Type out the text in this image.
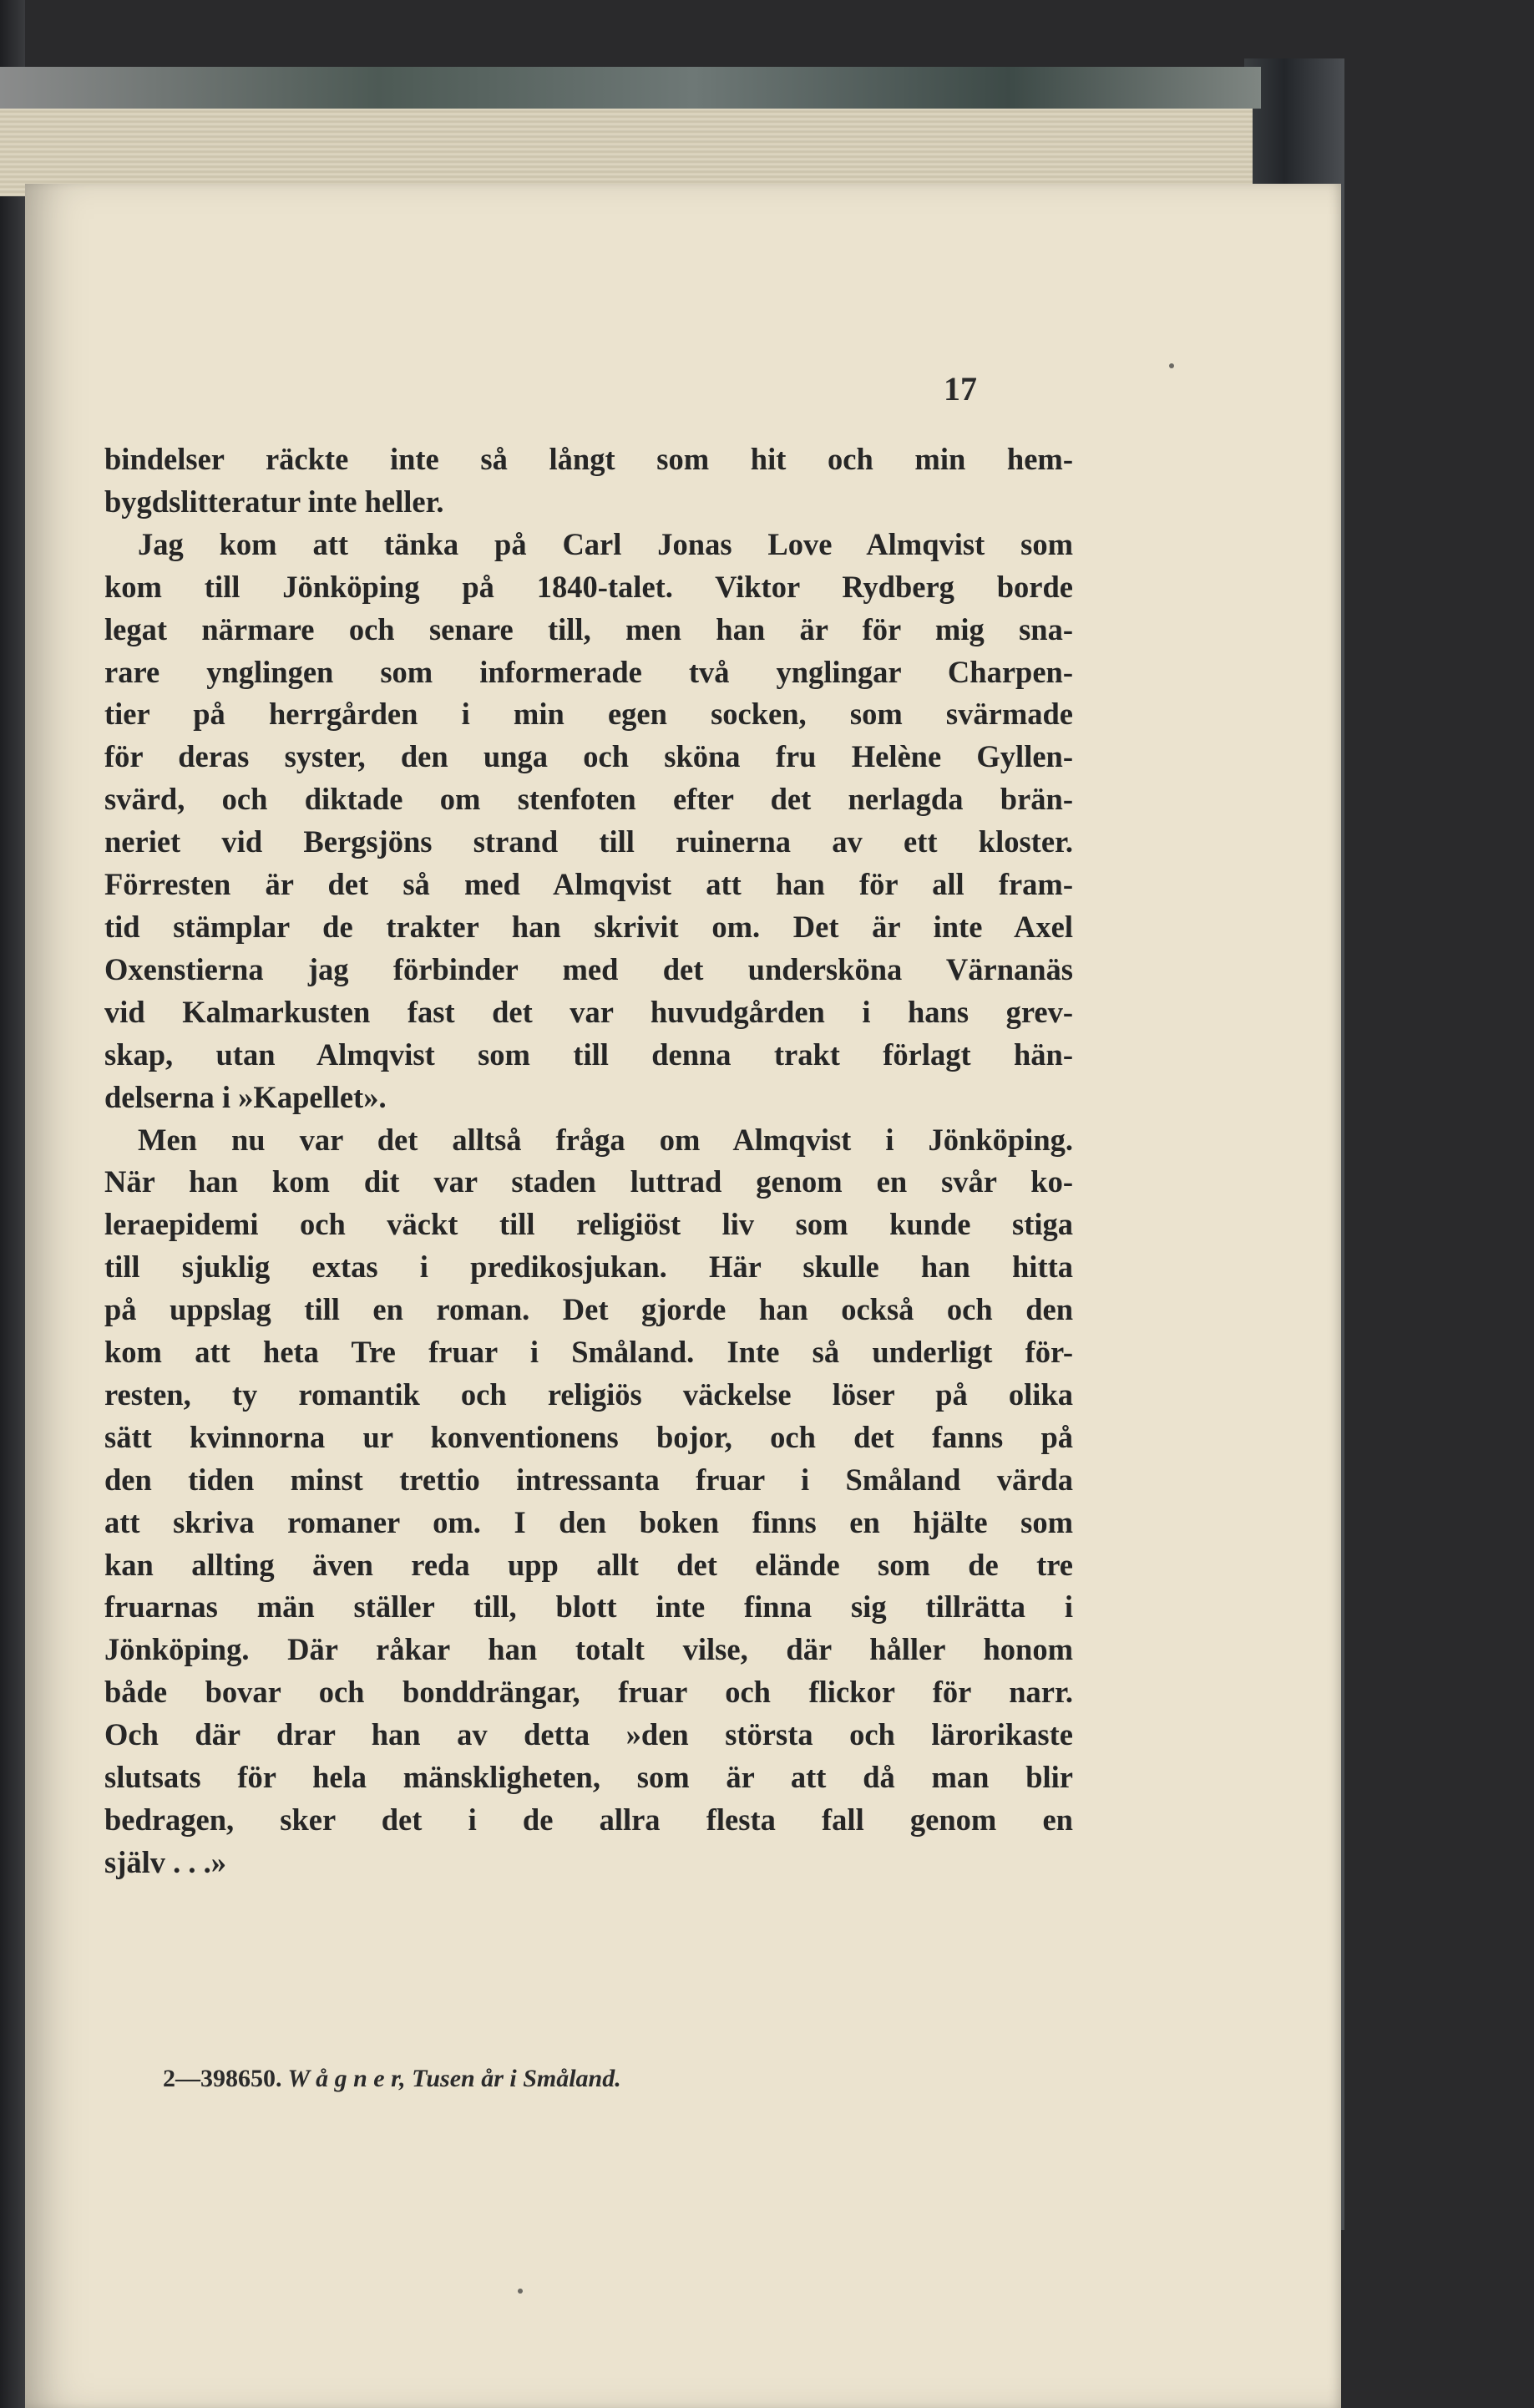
17
bindelser räckte inte så långt som hit och min hem-
bygdslitteratur inte heller.
Jag kom att tänka på Carl Jonas Love Almqvist som
kom till Jönköping på 1840-talet. Viktor Rydberg borde
legat närmare och senare till, men han är för mig sna-
rare ynglingen som informerade två ynglingar Charpen-
tier på herrgården i min egen socken, som svärmade
för deras syster, den unga och sköna fru Helène Gyllen-
svärd, och diktade om stenfoten efter det nerlagda brän-
neriet vid Bergsjöns strand till ruinerna av ett kloster.
Förresten är det så med Almqvist att han för all fram-
tid stämplar de trakter han skrivit om. Det är inte Axel
Oxenstierna jag förbinder med det undersköna Värnanäs
vid Kalmarkusten fast det var huvudgården i hans grev-
skap, utan Almqvist som till denna trakt förlagt hän-
delserna i »Kapellet».
Men nu var det alltså fråga om Almqvist i Jönköping.
När han kom dit var staden luttrad genom en svår ko-
leraepidemi och väckt till religiöst liv som kunde stiga
till sjuklig extas i predikosjukan. Här skulle han hitta
på uppslag till en roman. Det gjorde han också och den
kom att heta Tre fruar i Småland. Inte så underligt för-
resten, ty romantik och religiös väckelse löser på olika
sätt kvinnorna ur konventionens bojor, och det fanns på
den tiden minst trettio intressanta fruar i Småland värda
att skriva romaner om. I den boken finns en hjälte som
kan allting även reda upp allt det elände som de tre
fruarnas män ställer till, blott inte finna sig tillrätta i
Jönköping. Där råkar han totalt vilse, där håller honom
både bovar och bonddrängar, fruar och flickor för narr.
Och där drar han av detta »den största och lärorikaste
slutsats för hela mänskligheten, som är att då man blir
bedragen, sker det i de allra flesta fall genom en
själv . . .»
2—398650. W å g n e r, Tusen år i Småland.
